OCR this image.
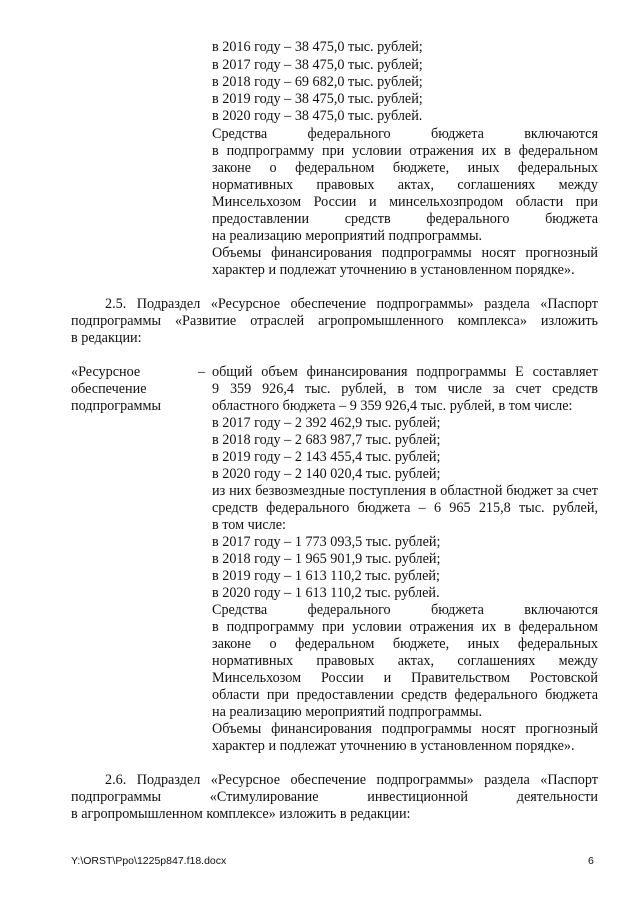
в 2016 году – 38 475,0 тыс. рублей;
в 2017 году – 38 475,0 тыс. рублей;
в 2018 году – 69 682,0 тыс. рублей;
в 2019 году – 38 475,0 тыс. рублей;
в 2020 году – 38 475,0 тыс. рублей.
Средства федерального бюджета включаются
в подпрограмму при условии отражения их в федеральном
законе о федеральном бюджете, иных федеральных
нормативных правовых актах, соглашениях между
Минсельхозом России и минсельхозпродом области при
предоставлении средств федерального бюджета
на реализацию мероприятий подпрограммы.
Объемы финансирования подпрограммы носят прогнозный
характер и подлежат уточнению в установленном порядке».
2.5. Подраздел «Ресурсное обеспечение подпрограммы» раздела «Паспорт
подпрограммы «Развитие отраслей агропромышленного комплекса» изложить
в редакции:
«Ресурсное
обеспечение
подпрограммы
– общий объем финансирования подпрограммы Е составляет
9 359 926,4 тыс. рублей, в том числе за счет средств
областного бюджета – 9 359 926,4 тыс. рублей, в том числе:
в 2017 году – 2 392 462,9 тыс. рублей;
в 2018 году – 2 683 987,7 тыс. рублей;
в 2019 году – 2 143 455,4 тыс. рублей;
в 2020 году – 2 140 020,4 тыс. рублей;
из них безвозмездные поступления в областной бюджет за счет
средств федерального бюджета – 6 965 215,8 тыс. рублей,
в том числе:
в 2017 году – 1 773 093,5 тыс. рублей;
в 2018 году – 1 965 901,9 тыс. рублей;
в 2019 году – 1 613 110,2 тыс. рублей;
в 2020 году – 1 613 110,2 тыс. рублей.
Средства федерального бюджета включаются
в подпрограмму при условии отражения их в федеральном
законе о федеральном бюджете, иных федеральных
нормативных правовых актах, соглашениях между
Минсельхозом России и Правительством Ростовской
области при предоставлении средств федерального бюджета
на реализацию мероприятий подпрограммы.
Объемы финансирования подпрограммы носят прогнозный
характер и подлежат уточнению в установленном порядке».
2.6. Подраздел «Ресурсное обеспечение подпрограммы» раздела «Паспорт
подпрограммы «Стимулирование инвестиционной деятельности
в агропромышленном комплексе» изложить в редакции:
Y:\ORST\Ppo\1225p847.f18.docx	6
